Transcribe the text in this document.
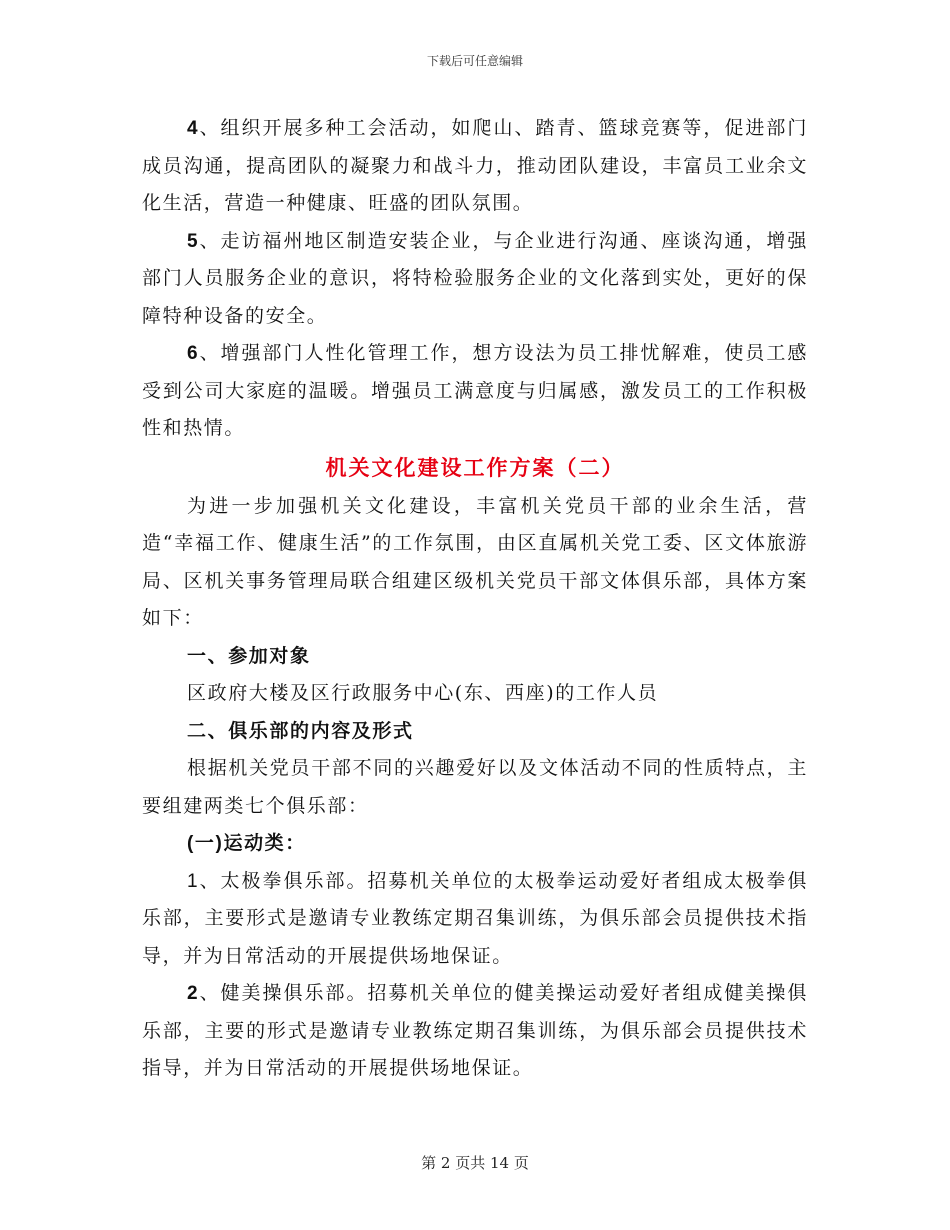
下载后可任意编辑

4、组织开展多种工会活动，如爬山、踏青、篮球竞赛等，促进部门成员沟通，提高团队的凝聚力和战斗力，推动团队建设，丰富员工业余文化生活，营造一种健康、旺盛的团队氛围。

5、走访福州地区制造安装企业，与企业进行沟通、座谈沟通，增强部门人员服务企业的意识，将特检验服务企业的文化落到实处，更好的保障特种设备的安全。

6、增强部门人性化管理工作，想方设法为员工排忧解难，使员工感受到公司大家庭的温暖。增强员工满意度与归属感，激发员工的工作积极性和热情。

机关文化建设工作方案（二）

为进一步加强机关文化建设，丰富机关党员干部的业余生活，营造“幸福工作、健康生活”的工作氛围，由区直属机关党工委、区文体旅游局、区机关事务管理局联合组建区级机关党员干部文体俱乐部，具体方案如下：

一、参加对象

区政府大楼及区行政服务中心(东、西座)的工作人员

二、俱乐部的内容及形式

根据机关党员干部不同的兴趣爱好以及文体活动不同的性质特点，主要组建两类七个俱乐部：

(一)运动类：

1、太极拳俱乐部。招募机关单位的太极拳运动爱好者组成太极拳俱乐部，主要形式是邀请专业教练定期召集训练，为俱乐部会员提供技术指导，并为日常活动的开展提供场地保证。

2、健美操俱乐部。招募机关单位的健美操运动爱好者组成健美操俱乐部，主要的形式是邀请专业教练定期召集训练，为俱乐部会员提供技术指导，并为日常活动的开展提供场地保证。

第 2 页共 14 页
